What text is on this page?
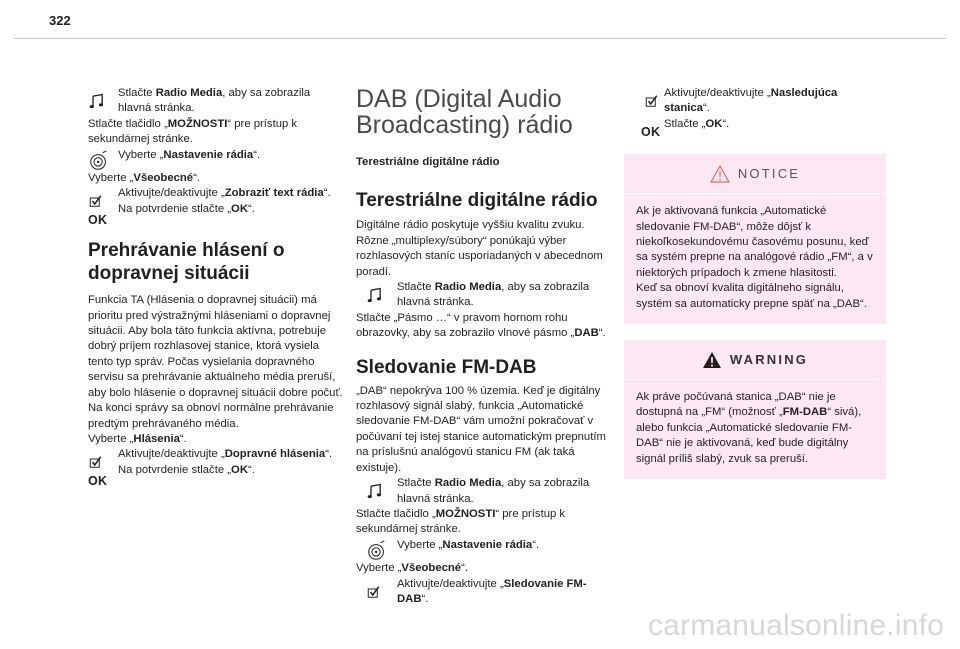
322

Stlačte Radio Media, aby sa zobrazila hlavná stránka.

Stlačte tlačidlo „MOŽNOSTI“ pre prístup k sekundárnej stránke.

Vyberte „Nastavenie rádia“.

Vyberte „Všeobecné“.

Aktivujte/deaktivujte „Zobraziť text rádia“.

OK

Na potvrdenie stlačte „OK“.

Prehrávanie hlásení o dopravnej situácii

Funkcia TA (Hlásenia o dopravnej situácii) má prioritu pred výstražnými hláseniami o dopravnej situácii. Aby bola táto funkcia aktívna, potrebuje dobrý príjem rozhlasovej stanice, ktorá vysiela tento typ správ. Počas vysielania dopravného servisu sa prehrávanie aktuálneho média preruší, aby bolo hlásenie o dopravnej situácii dobre počuť. Na konci správy sa obnoví normálne prehrávanie predtým prehrávaného média.

Vyberte „Hlásenia“.

Aktivujte/deaktivujte „Dopravné hlásenia“.

OK

Na potvrdenie stlačte „OK“.

DAB (Digital Audio Broadcasting) rádio

Terestriálne digitálne rádio

Terestriálne digitálne rádio

Digitálne rádio poskytuje vyššiu kvalitu zvuku. Rôzne „multiplexy/súbory“ ponúkajú výber rozhlasových staníc usporiadaných v abecednom poradí.

Stlačte Radio Media, aby sa zobrazila hlavná stránka.

Stlačte „Pásmo …“ v pravom hornom rohu obrazovky, aby sa zobrazilo vlnové pásmo „DAB“.

Sledovanie FM-DAB

„DAB“ nepokrýva 100 % územia. Keď je digitálny rozhlasový signál slabý, funkcia „Automatické sledovanie FM-DAB“ vám umožní pokračovať v počúvaní tej istej stanice automatickým prepnutím na príslušnú analógovú stanicu FM (ak taká existuje).

Stlačte Radio Media, aby sa zobrazila hlavná stránka.

Stlačte tlačidlo „MOŽNOSTI“ pre prístup k sekundárnej stránke.

Vyberte „Nastavenie rádia“.

Vyberte „Všeobecné“.

Aktivujte/deaktivujte „Sledovanie FM-DAB“.

Aktivujte/deaktivujte „Nasledujúca stanica“.

OK

Stlačte „OK“.

NOTICE

Ak je aktivovaná funkcia „Automatické sledovanie FM-DAB“, môže dôjsť k niekoľkosekundovému časovému posunu, keď sa systém prepne na analógové rádio „FM“, a v niektorých prípadoch k zmene hlasitosti.

Keď sa obnoví kvalita digitálneho signálu, systém sa automaticky prepne späť na „DAB“.

WARNING

Ak práve počúvaná stanica „DAB“ nie je dostupná na „FM“ (možnosť „FM-DAB“ sivá), alebo funkcia „Automatické sledovanie FM-DAB“ nie je aktivovaná, keď bude digitálny signál príliš slabý, zvuk sa preruší.

carmanualsonline.info
